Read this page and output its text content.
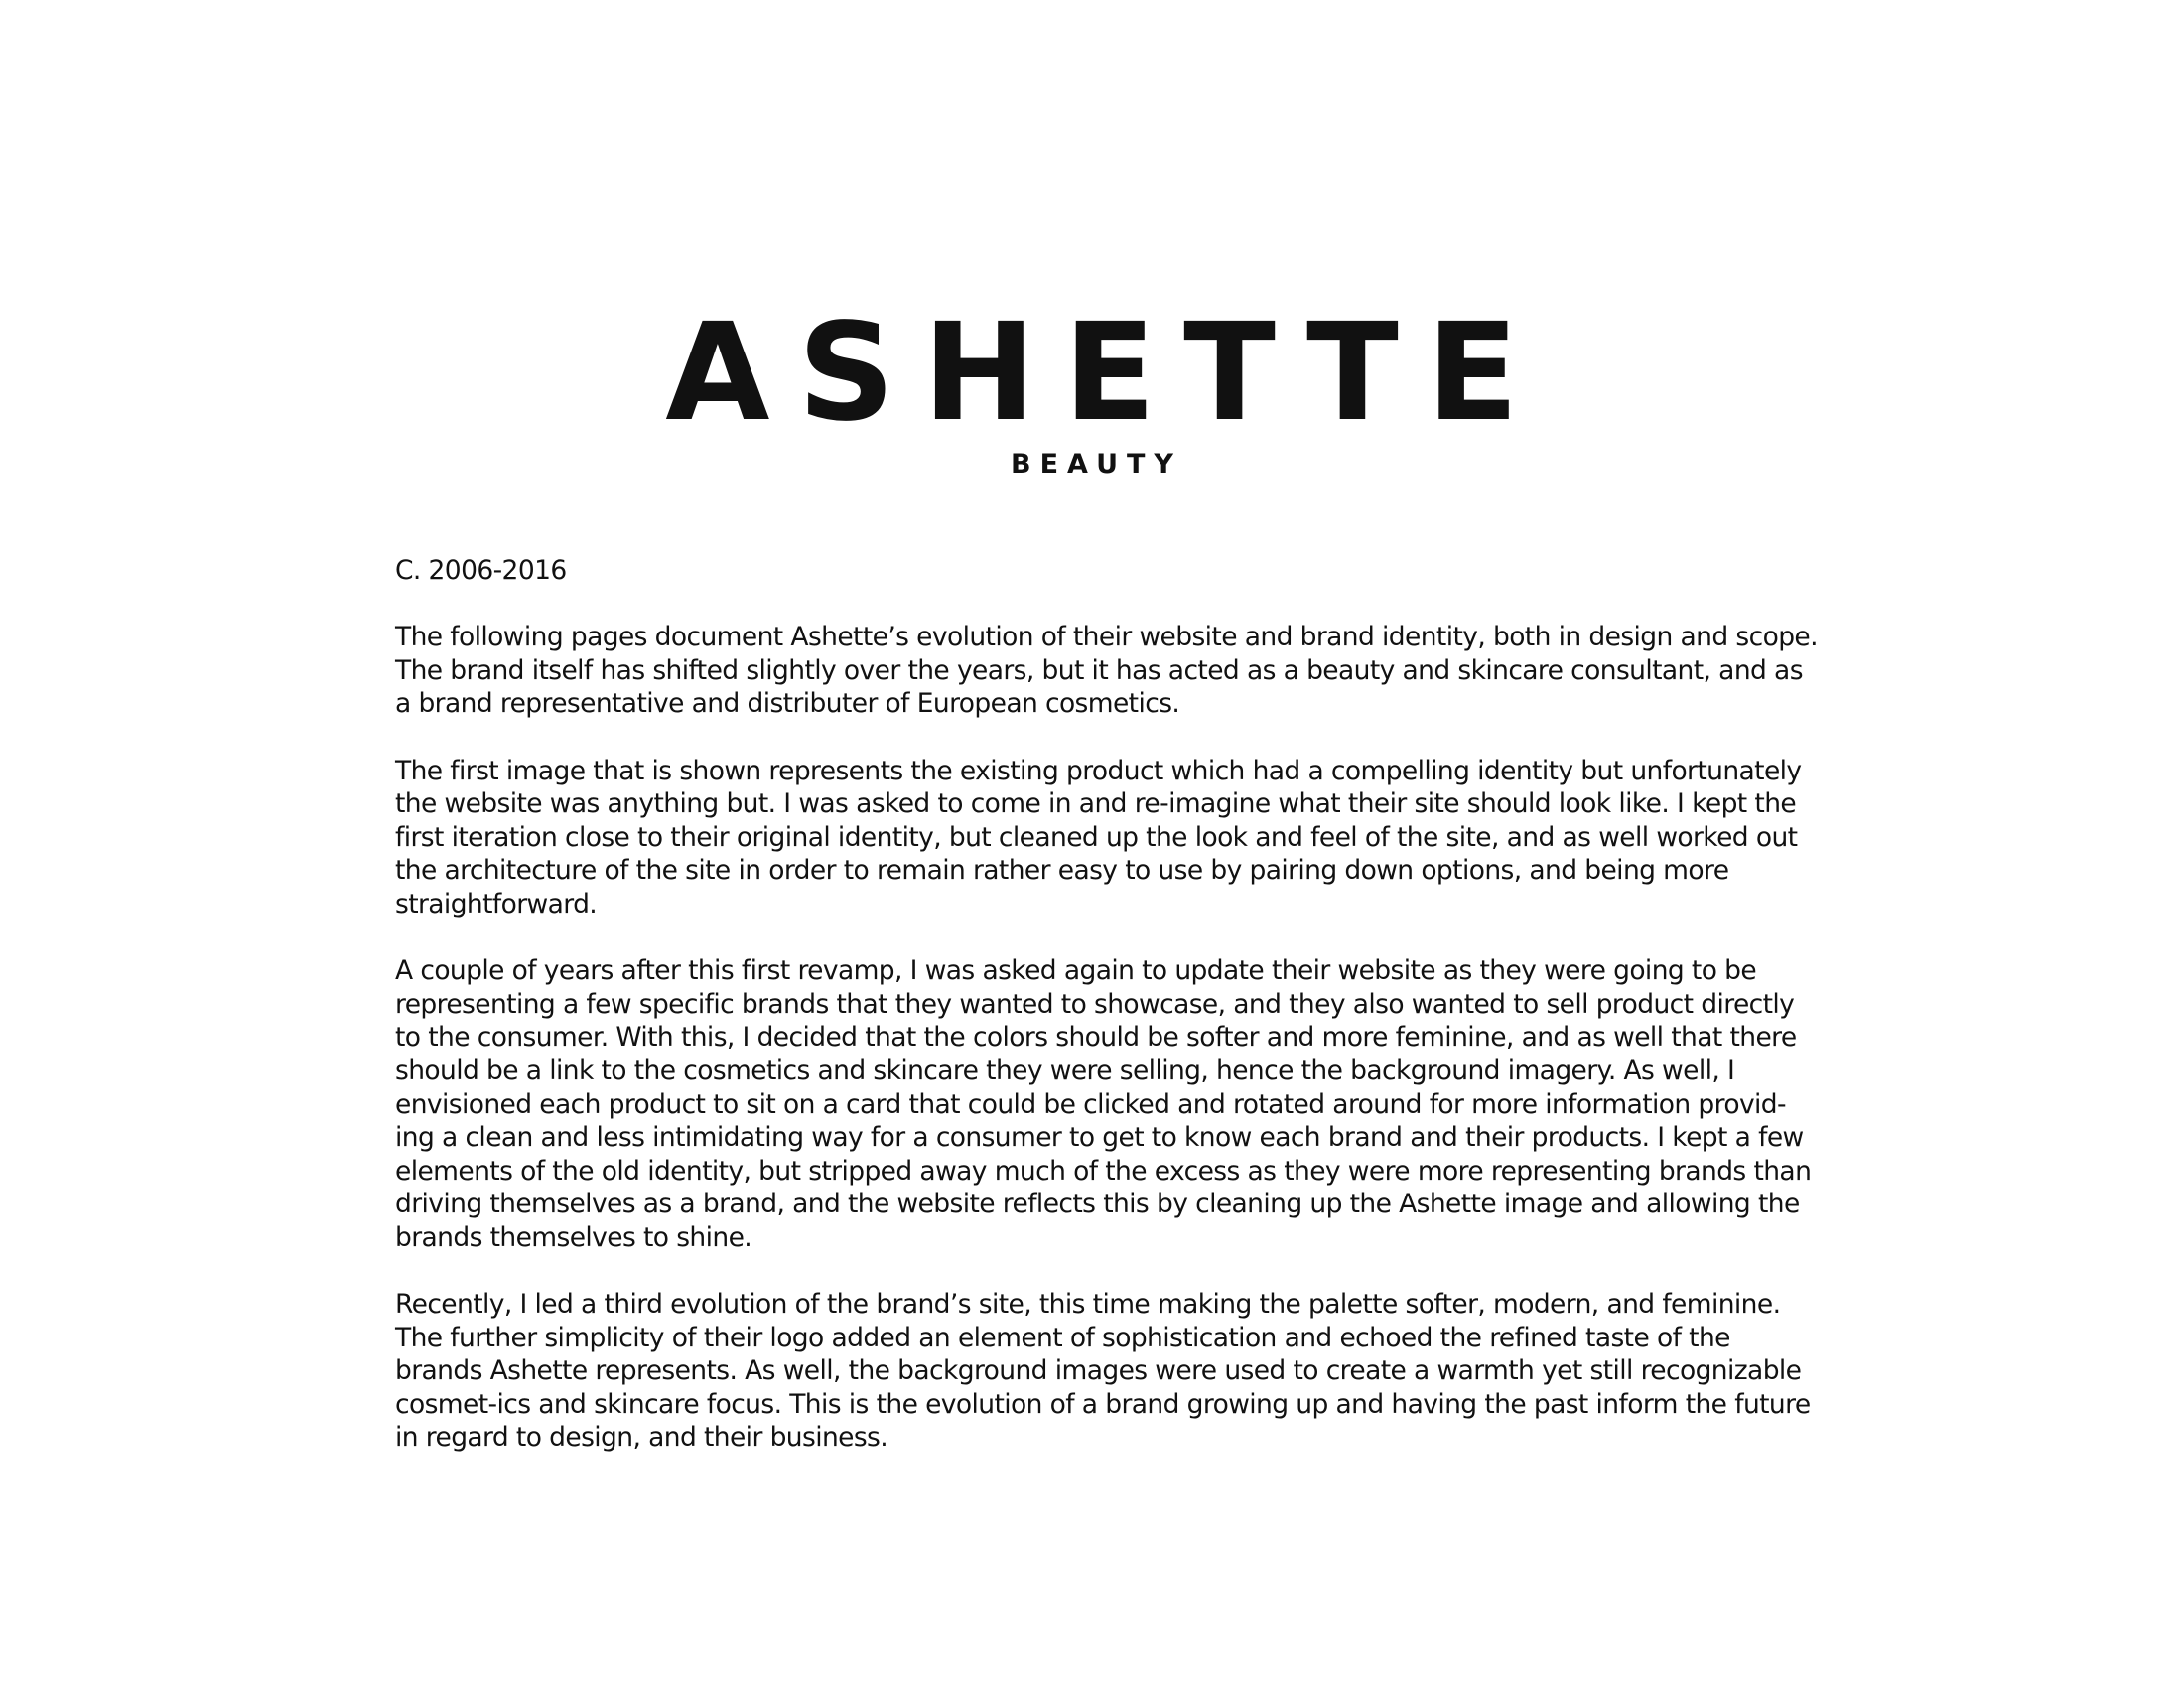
ASHETTE
BEAUTY

C. 2006-2016

The following pages document Ashette’s evolution of their website and brand identity, both in design and scope. The brand itself has shifted slightly over the years, but it has acted as a beauty and skincare consultant, and as a brand representative and distributer of European cosmetics.

The first image that is shown represents the existing product which had a compelling identity but unfortunately the website was anything but. I was asked to come in and re-imagine what their site should look like. I kept the first iteration close to their original identity, but cleaned up the look and feel of the site, and as well worked out the architecture of the site in order to remain rather easy to use by pairing down options, and being more straightforward.

A couple of years after this first revamp, I was asked again to update their website as they were going to be representing a few specific brands that they wanted to showcase, and they also wanted to sell product directly to the consumer. With this, I decided that the colors should be softer and more feminine, and as well that there should be a link to the cosmetics and skincare they were selling, hence the background imagery. As well, I envisioned each product to sit on a card that could be clicked and rotated around for more information provid-ing a clean and less intimidating way for a consumer to get to know each brand and their products. I kept a few elements of the old identity, but stripped away much of the excess as they were more representing brands than driving themselves as a brand, and the website reflects this by cleaning up the Ashette image and allowing the brands themselves to shine.

Recently, I led a third evolution of the brand’s site, this time making the palette softer, modern, and feminine. The further simplicity of their logo added an element of sophistication and echoed the refined taste of the brands Ashette represents. As well, the background images were used to create a warmth yet still recognizable cosmet-ics and skincare focus. This is the evolution of a brand growing up and having the past inform the future in regard to design, and their business.
